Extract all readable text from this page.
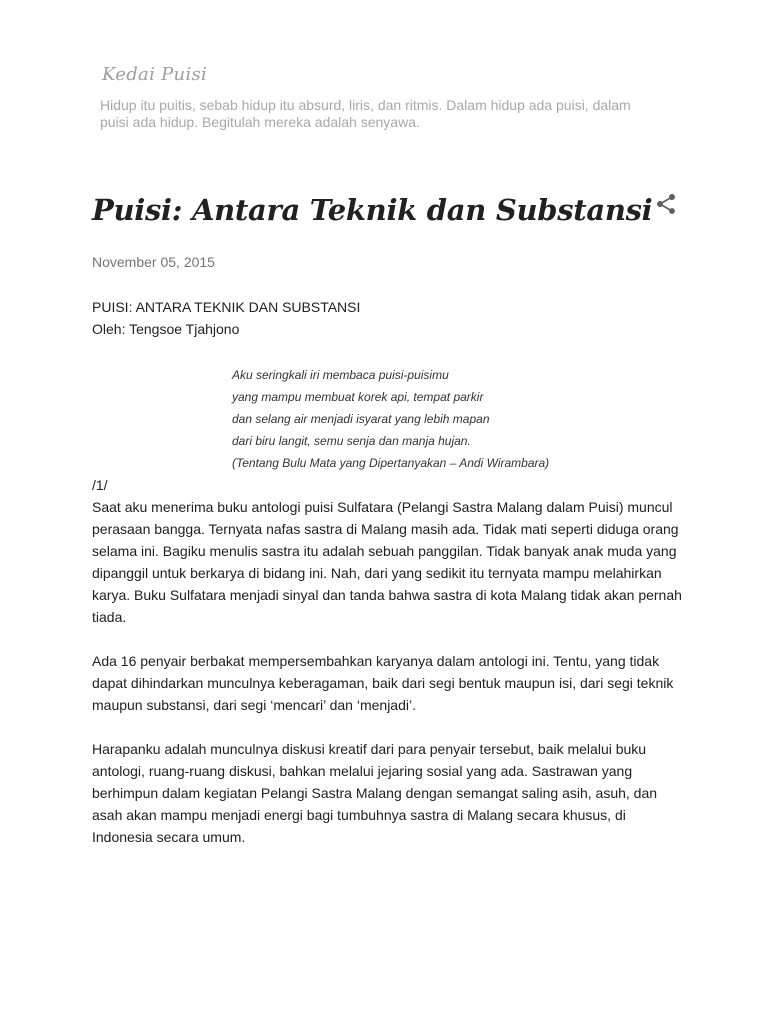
Kedai Puisi

Hidup itu puitis, sebab hidup itu absurd, liris, dan ritmis. Dalam hidup ada puisi, dalam puisi ada hidup. Begitulah mereka adalah senyawa.

Puisi: Antara Teknik dan Substansi
November 05, 2015

PUISI: ANTARA TEKNIK DAN SUBSTANSI

Oleh: Tengsoe Tjahjono

Aku seringkali iri membaca puisi-puisimu

yang mampu membuat korek api, tempat parkir

dan selang air menjadi isyarat yang lebih mapan

dari biru langit, semu senja dan manja hujan.

(Tentang Bulu Mata yang Dipertanyakan – Andi Wirambara)

/1/

Saat aku menerima buku antologi puisi Sulfatara (Pelangi Sastra Malang dalam Puisi) muncul perasaan bangga. Ternyata nafas sastra di Malang masih ada. Tidak mati seperti diduga orang selama ini. Bagiku menulis sastra itu adalah sebuah panggilan. Tidak banyak anak muda yang dipanggil untuk berkarya di bidang ini. Nah, dari yang sedikit itu ternyata mampu melahirkan karya. Buku Sulfatara menjadi sinyal dan tanda bahwa sastra di kota Malang tidak akan pernah tiada.

Ada 16 penyair berbakat mempersembahkan karyanya dalam antologi ini. Tentu, yang tidak dapat dihindarkan munculnya keberagaman, baik dari segi bentuk maupun isi, dari segi teknik maupun substansi, dari segi ‘mencari’ dan ‘menjadi’.

Harapanku adalah munculnya diskusi kreatif dari para penyair tersebut, baik melalui buku antologi, ruang-ruang diskusi, bahkan melalui jejaring sosial yang ada. Sastrawan yang berhimpun dalam kegiatan Pelangi Sastra Malang dengan semangat saling asih, asuh, dan asah akan mampu menjadi energi bagi tumbuhnya sastra di Malang secara khusus, di Indonesia secara umum.
